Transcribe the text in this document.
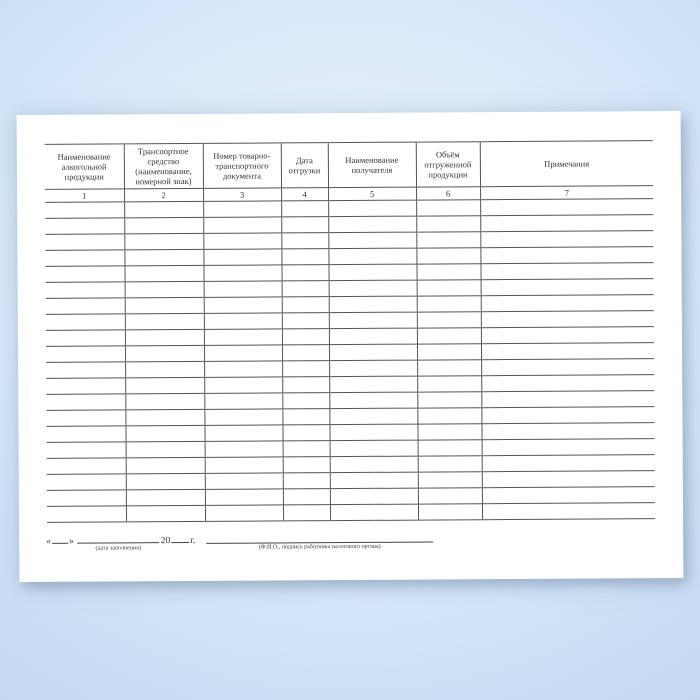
Наименование алкогольной продукции	Транспортное средство (наименование, номерной знак)	Номер товарно-транспортного документа	Дата отгрузки	Наименование получателя	Объём отгруженной продукции	Примечания
1	2	3	4	5	6	7

« »	20 г.
(дата заполнения)	(Ф.И.О., подпись работника налогового органа)
